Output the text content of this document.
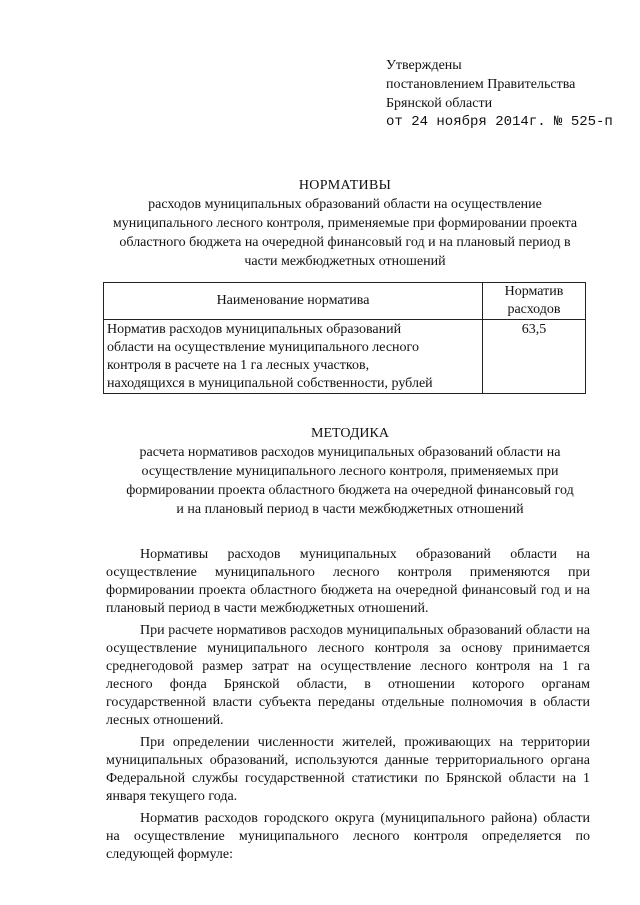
Утверждены
постановлением Правительства
Брянской области
от 24 ноября 2014г. № 525-п
НОРМАТИВЫ
расходов муниципальных образований области на осуществление
муниципального лесного контроля, применяемые при формировании проекта
областного бюджета на очередной финансовый год и на плановый период в
части межбюджетных отношений
Наименование норматива	Норматив
расходов

Норматив расходов муниципальных образований
области на осуществление муниципального лесного
контроля в расчете на 1 га лесных участков,
находящихся в муниципальной собственности, рублей	63,5
МЕТОДИКА
расчета нормативов расходов муниципальных образований области на
осуществление муниципального лесного контроля, применяемых при
формировании проекта областного бюджета на очередной финансовый год
и на плановый период в части межбюджетных отношений

Нормативы расходов муниципальных образований области на осуществление муниципального лесного контроля применяются при формировании проекта областного бюджета на очередной финансовый год и на плановый период в части межбюджетных отношений.

При расчете нормативов расходов муниципальных образований области на осуществление муниципального лесного контроля за основу принимается среднегодовой размер затрат на осуществление лесного контроля на 1 га лесного фонда Брянской области, в отношении которого органам государственной власти субъекта переданы отдельные полномочия в области лесных отношений.

При определении численности жителей, проживающих на территории муниципальных образований, используются данные территориального органа Федеральной службы государственной статистики по Брянской области на 1 января текущего года.

Норматив расходов городского округа (муниципального района) области на осуществление муниципального лесного контроля определяется по следующей формуле:
